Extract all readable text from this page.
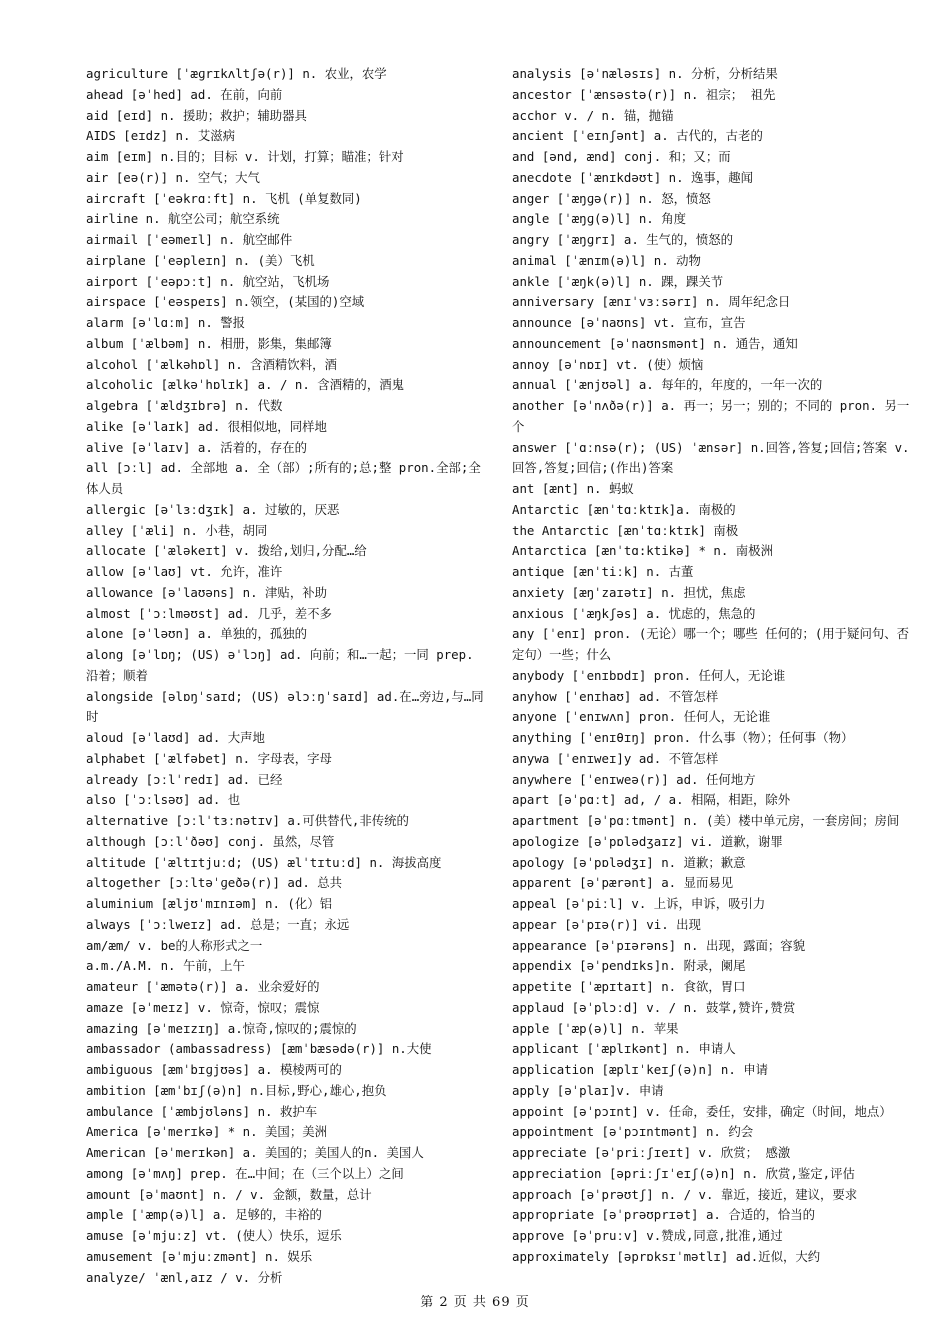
agriculture [ˈæɡrɪkʌltʃə(r)] n. 农业，农学
ahead [əˈhed] ad. 在前，向前
aid [eɪd] n. 援助；救护；辅助器具
AIDS [eɪdz] n. 艾滋病
aim [eɪm] n.目的；目标 v. 计划，打算；瞄准；针对
air [eə(r)] n. 空气；大气
aircraft [ˈeəkrɑːft] n. 飞机 (单复数同)
airline n. 航空公司；航空系统
airmail [ˈeəmeɪl] n. 航空邮件
airplane [ˈeəpleɪn] n. (美）飞机
airport [ˈeəpɔːt] n. 航空站，飞机场
airspace [ˈeəspeɪs] n.领空，(某国的)空域
alarm [əˈlɑːm] n. 警报
album [ˈælbəm] n. 相册，影集，集邮簿
alcohol [ˈælkəhɒl] n. 含酒精饮料，酒
alcoholic [ælkəˈhɒlɪk] a. / n. 含酒精的，酒鬼
algebra [ˈældʒɪbrə] n. 代数
alike [əˈlaɪk] ad. 很相似地，同样地
alive [əˈlaɪv] a. 活着的，存在的
all [ɔːl] ad. 全部地 a. 全（部）;所有的;总;整 pron.全部;全体人员
allergic [əˈlɜːdʒɪk] a. 过敏的，厌恶
alley [ˈæli] n. 小巷，胡同
allocate [ˈæləkeɪt] v. 拨给,划归,分配…给
allow [əˈlaʊ] vt. 允许，准许
allowance [əˈlaʊəns] n. 津贴，补助
almost [ˈɔːlməʊst] ad. 几乎，差不多
alone [əˈləʊn] a. 单独的，孤独的
along [əˈlɒŋ; (US) əˈlɔŋ] ad. 向前；和…一起；一同 prep. 沿着；顺着
alongside [əlɒŋˈsaɪd; (US) əlɔːŋˈsaɪd] ad.在…旁边,与…同时
aloud [əˈlaʊd] ad. 大声地
alphabet [ˈælfəbet] n. 字母表，字母
already [ɔːlˈredɪ] ad. 已经
also [ˈɔːlsəʊ] ad. 也
alternative [ɔːlˈtɜːnətɪv] a.可供替代,非传统的
although [ɔːlˈðəʊ] conj. 虽然，尽管
altitude [ˈæltɪtjuːd; (US) ælˈtɪtuːd] n. 海拔高度
altogether [ɔːltəˈɡeðə(r)] ad. 总共
aluminium [æljʊˈmɪnɪəm] n. (化）铝
always [ˈɔːlweɪz] ad. 总是；一直；永远
am/æm/ v. be的人称形式之一
a.m./A.M. n. 午前，上午
amateur [ˈæmətə(r)] a. 业余爱好的
amaze [əˈmeɪz] v. 惊奇，惊叹；震惊
amazing [əˈmeɪzɪŋ] a.惊奇,惊叹的;震惊的
ambassador (ambassadress) [æmˈbæsədə(r)] n.大使
ambiguous [æmˈbɪɡjʊəs] a. 模棱两可的
ambition [æmˈbɪʃ(ə)n] n.目标,野心,雄心,抱负
ambulance [ˈæmbjʊləns] n. 救护车
America [əˈmerɪkə] * n. 美国；美洲
American [əˈmerɪkən] a. 美国的；美国人的n. 美国人
among [əˈmʌŋ] prep. 在…中间；在（三个以上）之间
amount [əˈmaʊnt] n. / v. 金额，数量，总计
ample [ˈæmp(ə)l] a. 足够的，丰裕的
amuse [əˈmjuːz] vt. (使人）快乐，逗乐
amusement [əˈmjuːzmənt] n. 娱乐
analyze/ ˈænl,aɪz / v. 分析
analysis [əˈnæləsɪs] n. 分析，分析结果
ancestor [ˈænsəstə(r)] n. 祖宗； 祖先
acchor v. / n. 锚，抛锚
ancient [ˈeɪnʃənt] a. 古代的，古老的
and [ənd, ænd] conj. 和；又；而
anecdote [ˈænɪkdəʊt] n. 逸事，趣闻
anger [ˈæŋɡə(r)] n. 怒，愤怒
angle [ˈæŋɡ(ə)l] n. 角度
angry [ˈæŋɡrɪ] a. 生气的，愤怒的
animal [ˈænɪm(ə)l] n. 动物
ankle [ˈæŋk(ə)l] n. 踝，踝关节
anniversary [ænɪˈvɜːsərɪ] n. 周年纪念日
announce [əˈnaʊns] vt. 宣布，宣告
announcement [əˈnaʊnsmənt] n. 通告，通知
annoy [əˈnɒɪ] vt. (使）烦恼
annual [ˈænjʊəl] a. 每年的，年度的，一年一次的
another [əˈnʌðə(r)] a. 再一；另一；别的；不同的 pron. 另一个
answer [ˈɑːnsə(r); (US) ˈænsər] n.回答,答复;回信;答案 v. 回答,答复;回信;(作出)答案
ant [ænt] n. 蚂蚁
Antarctic [ænˈtɑːktɪk]a. 南极的
the Antarctic [ænˈtɑːktɪk] 南极
Antarctica [ænˈtɑ:ktikə] * n. 南极洲
antique [ænˈtiːk] n. 古董
anxiety [æŋˈzaɪətɪ] n. 担忧，焦虑
anxious [ˈæŋkʃəs] a. 忧虑的，焦急的
any [ˈenɪ] pron. (无论）哪一个；哪些 任何的；(用于疑问句、否定句）一些；什么
anybody [ˈenɪbɒdɪ] pron. 任何人，无论谁
anyhow [ˈenɪhaʊ] ad. 不管怎样
anyone [ˈenɪwʌn] pron. 任何人，无论谁
anything [ˈenɪθɪŋ] pron. 什么事（物）；任何事（物）
anywa [ˈenɪweɪ]y ad. 不管怎样
anywhere [ˈenɪweə(r)] ad. 任何地方
apart [əˈpɑːt] ad, / a. 相隔，相距，除外
apartment [əˈpɑːtmənt] n. (美）楼中单元房，一套房间；房间
apologize [əˈpɒlədʒaɪz] vi. 道歉，谢罪
apology [əˈpɒlədʒɪ] n. 道歉；歉意
apparent [əˈpærənt] a. 显而易见
appeal [əˈpiːl] v. 上诉，申诉，吸引力
appear [əˈpɪə(r)] vi. 出现
appearance [əˈpɪərəns] n. 出现，露面；容貌
appendix [əˈpendɪks]n. 附录，阑尾
appetite [ˈæpɪtaɪt] n. 食欲，胃口
applaud [əˈplɔːd] v. / n. 鼓掌,赞许,赞赏
apple [ˈæp(ə)l] n. 苹果
applicant [ˈæplɪkənt] n. 申请人
application [æplɪˈkeɪʃ(ə)n] n. 申请
apply [əˈplaɪ]v. 申请
appoint [əˈpɔɪnt] v. 任命，委任，安排，确定（时间，地点）
appointment [əˈpɔɪntmənt] n. 约会
appreciate [əˈpriːʃɪeɪt] v. 欣赏； 感激
appreciation [əpriːʃɪˈeɪʃ(ə)n] n. 欣赏,鉴定,评估
approach [əˈprəʊtʃ] n. / v. 靠近，接近，建议，要求
appropriate [əˈprəʊprɪət] a. 合适的，恰当的
approve [əˈpruːv] v.赞成,同意,批准,通过
approximately [əprɒksɪˈmətlɪ] ad.近似，大约
第 2 页 共 69 页
